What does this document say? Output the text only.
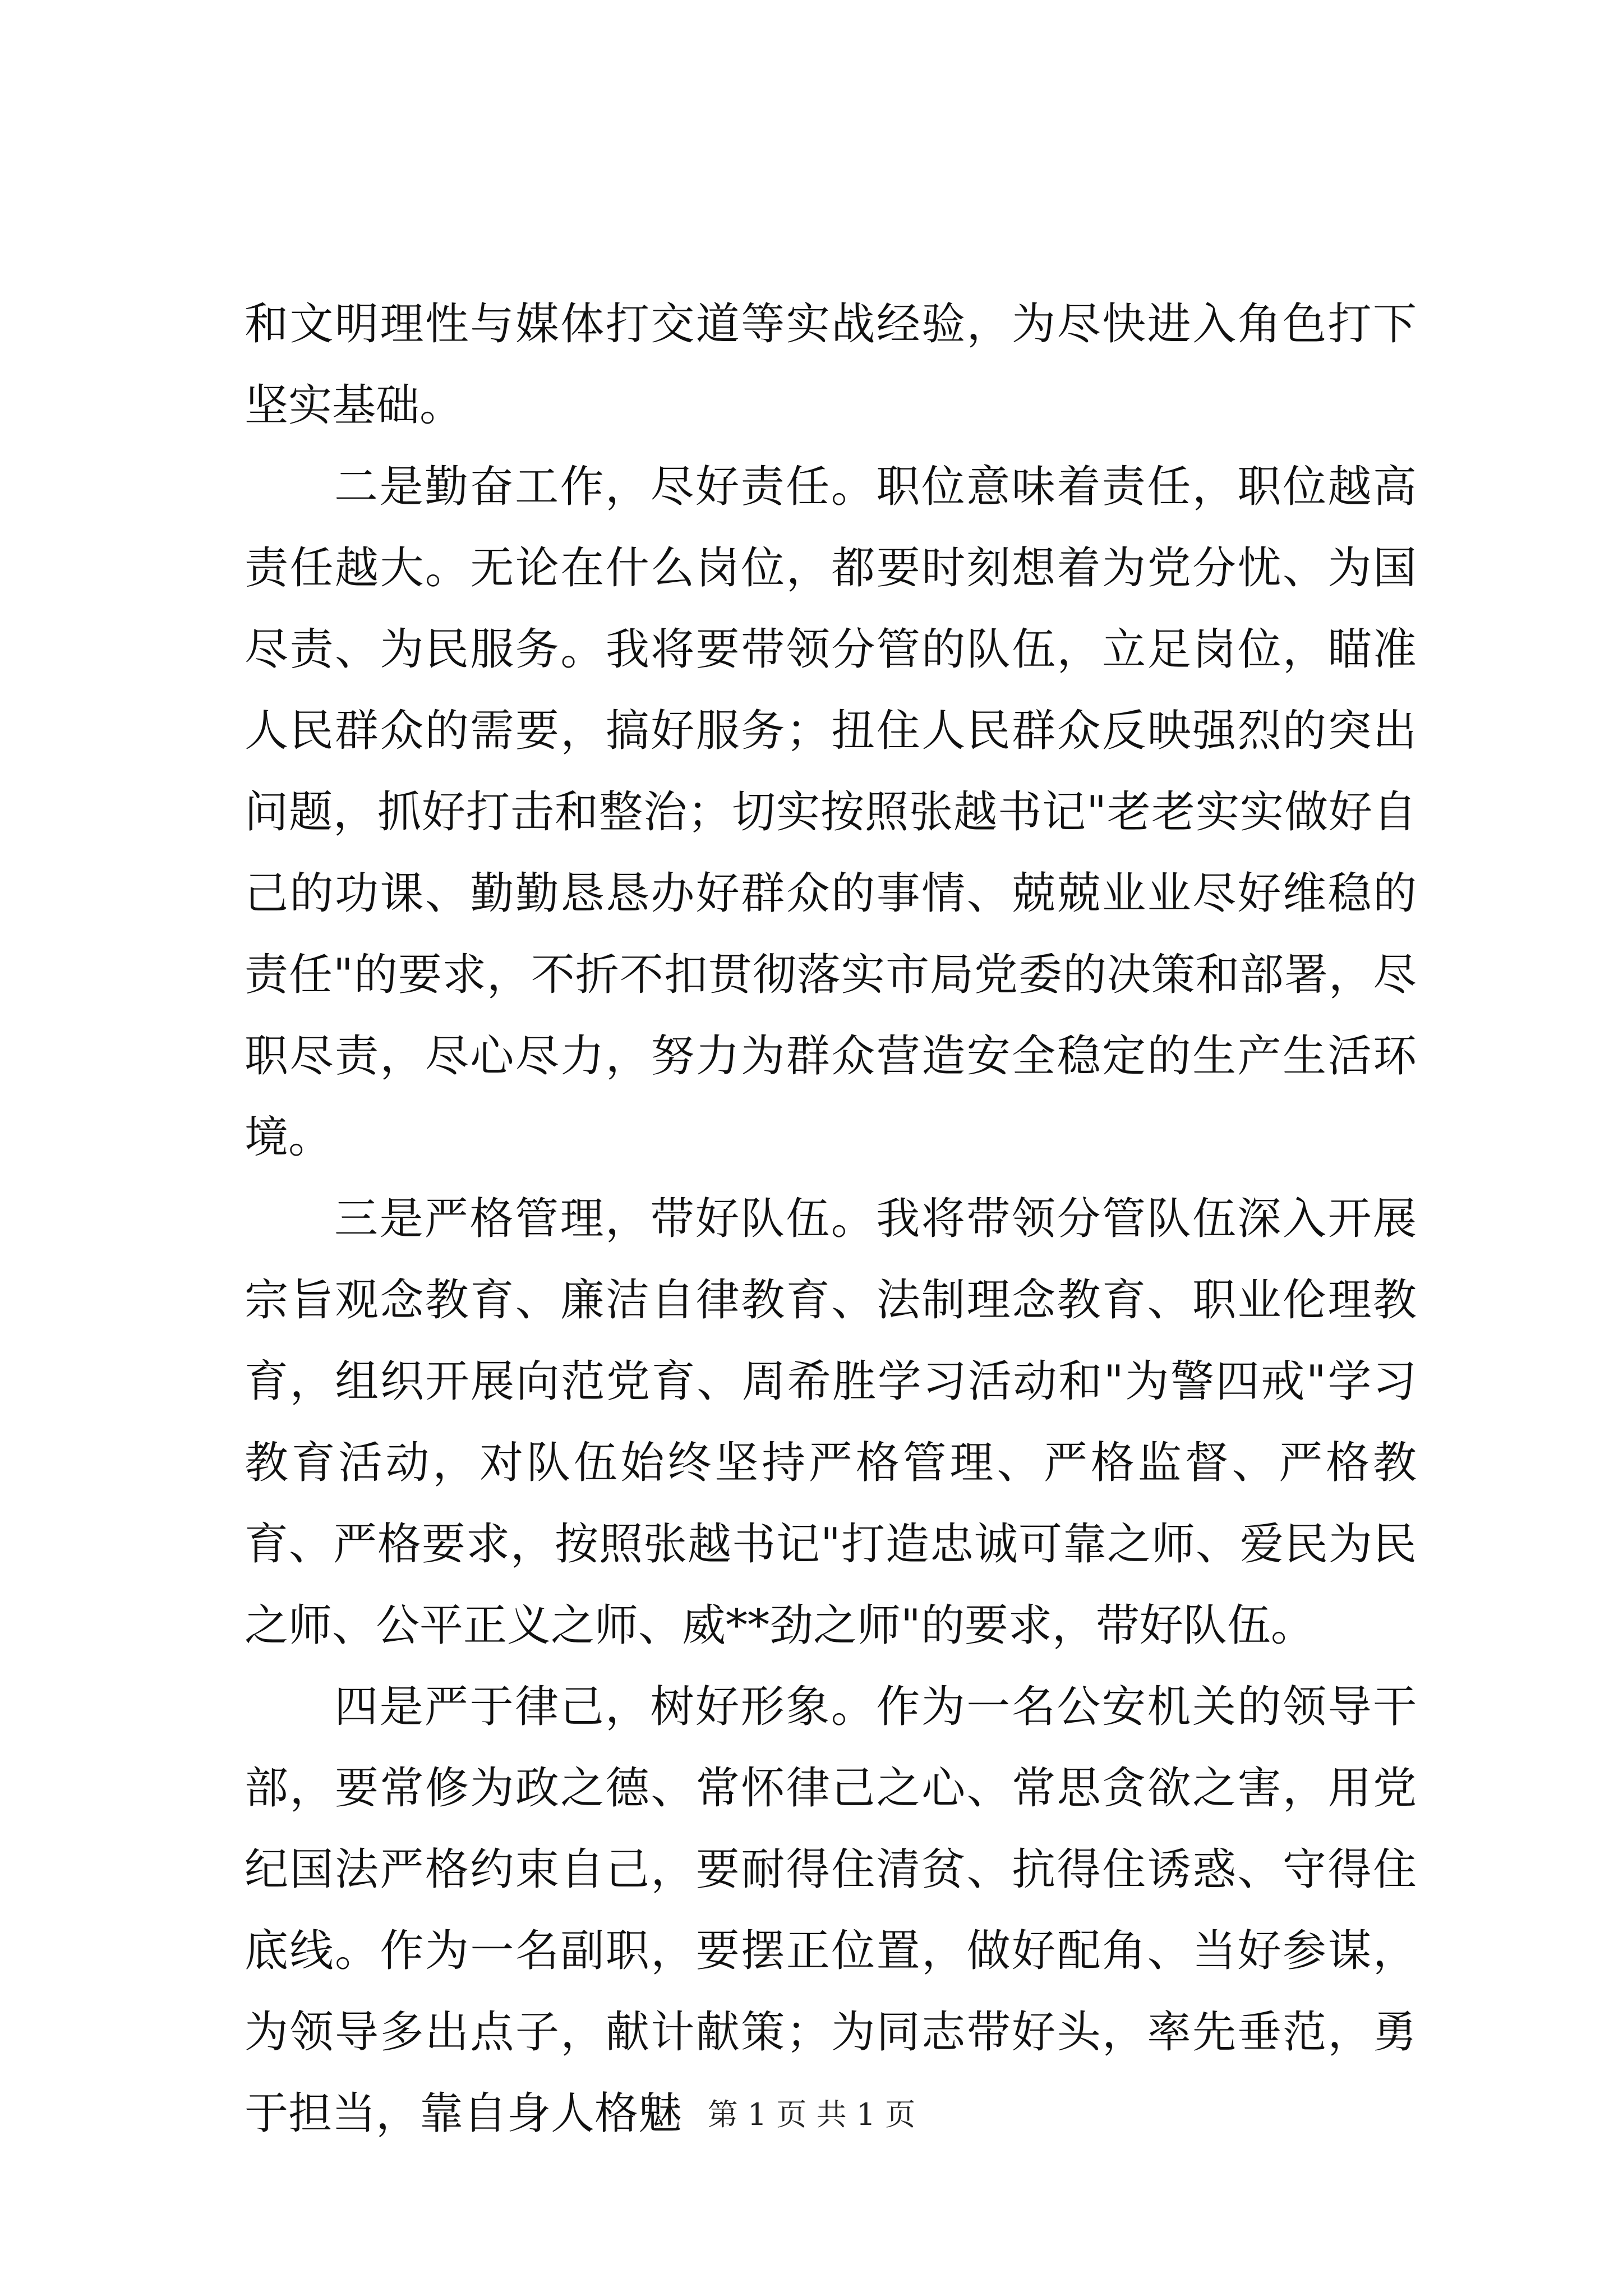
和文明理性与媒体打交道等实战经验，为尽快进入角色打下坚实基础。

二是勤奋工作，尽好责任。职位意味着责任，职位越高责任越大。无论在什么岗位，都要时刻想着为党分忧、为国尽责、为民服务。我将要带领分管的队伍，立足岗位，瞄准人民群众的需要，搞好服务；扭住人民群众反映强烈的突出问题，抓好打击和整治；切实按照张越书记"老老实实做好自己的功课、勤勤恳恳办好群众的事情、兢兢业业尽好维稳的责任"的要求，不折不扣贯彻落实市局党委的决策和部署，尽职尽责，尽心尽力，努力为群众营造安全稳定的生产生活环境。

三是严格管理，带好队伍。我将带领分管队伍深入开展宗旨观念教育、廉洁自律教育、法制理念教育、职业伦理教育，组织开展向范党育、周希胜学习活动和"为警四戒"学习教育活动，对队伍始终坚持严格管理、严格监督、严格教育、严格要求，按照张越书记"打造忠诚可靠之师、爱民为民之师、公平正义之师、威**劲之师"的要求，带好队伍。

四是严于律己，树好形象。作为一名公安机关的领导干部，要常修为政之德、常怀律己之心、常思贪欲之害，用党纪国法严格约束自己，要耐得住清贫、抗得住诱惑、守得住底线。作为一名副职，要摆正位置，做好配角、当好参谋，为领导多出点子，献计献策；为同志带好头，率先垂范，勇于担当，靠自身人格魅 第 1 页 共 1 页
